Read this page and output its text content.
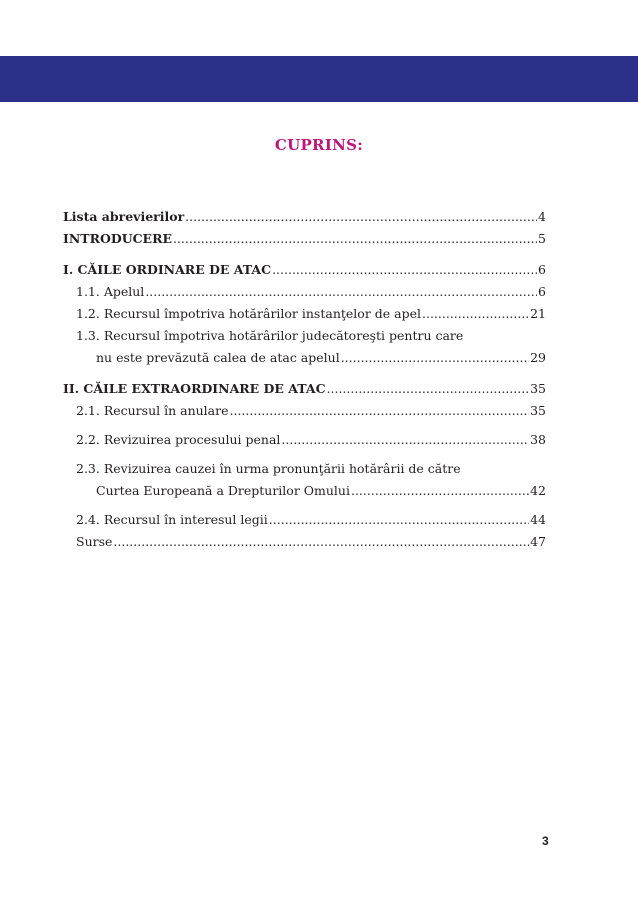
CUPRINS:
Lista abrevierilor .....	4
INTRODUCERE .....	5
I. CĂILE ORDINARE DE ATAC .....	6
1.1. Apelul .....	6
1.2. Recursul împotriva hotărârilor instanţelor de apel .....	21
1.3. Recursul împotriva hotărârilor judecătoreşti pentru care
nu este prevăzută calea de atac apelul .....	29
II. CĂILE EXTRAORDINARE DE ATAC .....	35
2.1. Recursul în anulare .....	35
2.2. Revizuirea procesului penal .....	38
2.3. Revizuirea cauzei în urma pronunţării hotărârii de către
Curtea Europeană a Drepturilor Omului .....	42
2.4. Recursul în interesul legii .....	44
Surse .....	47
3
